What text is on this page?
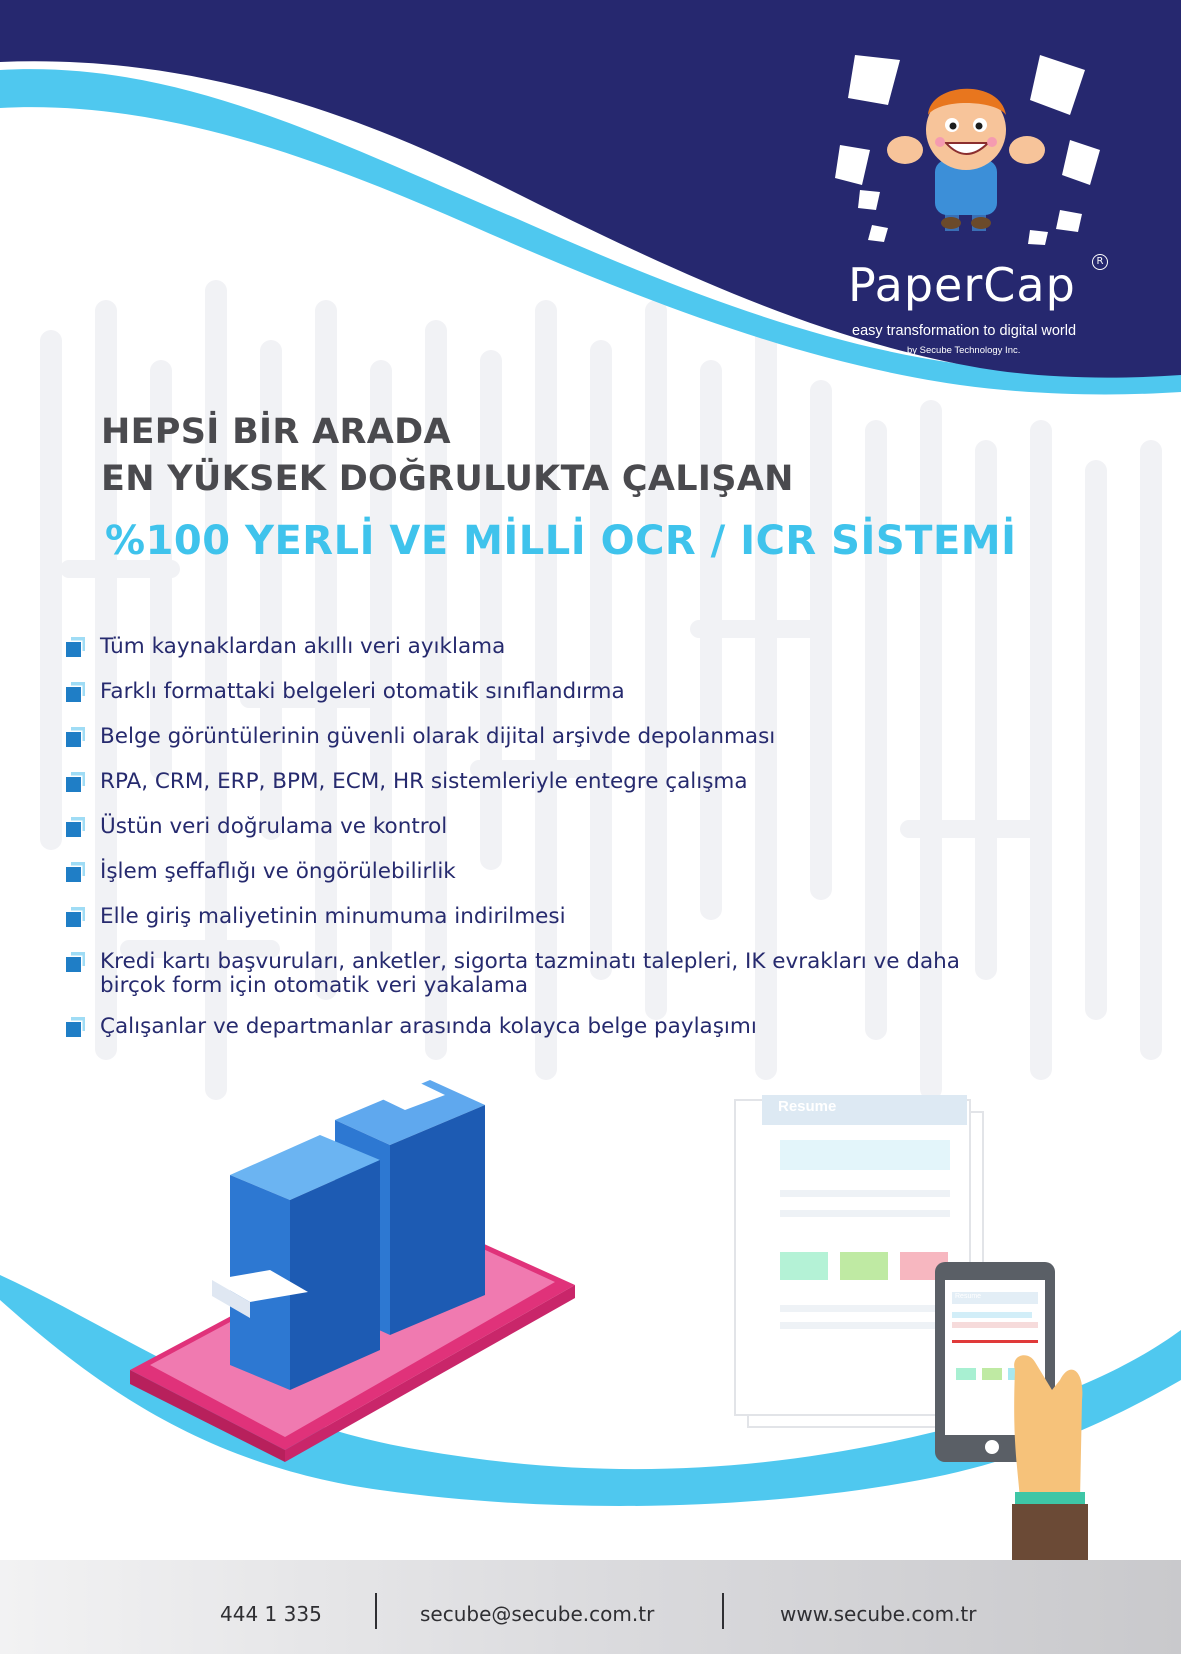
PaperCap	R
easy transformation to digital world
by Secube Technology Inc.
Resume
Resume
HEPSİ BİR ARADA
EN YÜKSEK DOĞRULUKTA ÇALIŞAN
%100 YERLİ VE MİLLİ OCR / ICR SİSTEMİ
Tüm kaynaklardan akıllı veri ayıklama
Farklı formattaki belgeleri otomatik sınıflandırma
Belge görüntülerinin güvenli olarak dijital arşivde depolanması
RPA, CRM, ERP, BPM, ECM, HR sistemleriyle entegre çalışma
Üstün veri doğrulama ve kontrol
İşlem şeffaflığı ve öngörülebilirlik
Elle giriş maliyetinin minumuma indirilmesi
Kredi kartı başvuruları, anketler, sigorta tazminatı talepleri, IK evrakları ve daha
birçok form için otomatik veri yakalama
Çalışanlar ve departmanlar arasında kolayca belge paylaşımı
444 1 335	secube@secube.com.tr	www.secube.com.tr
